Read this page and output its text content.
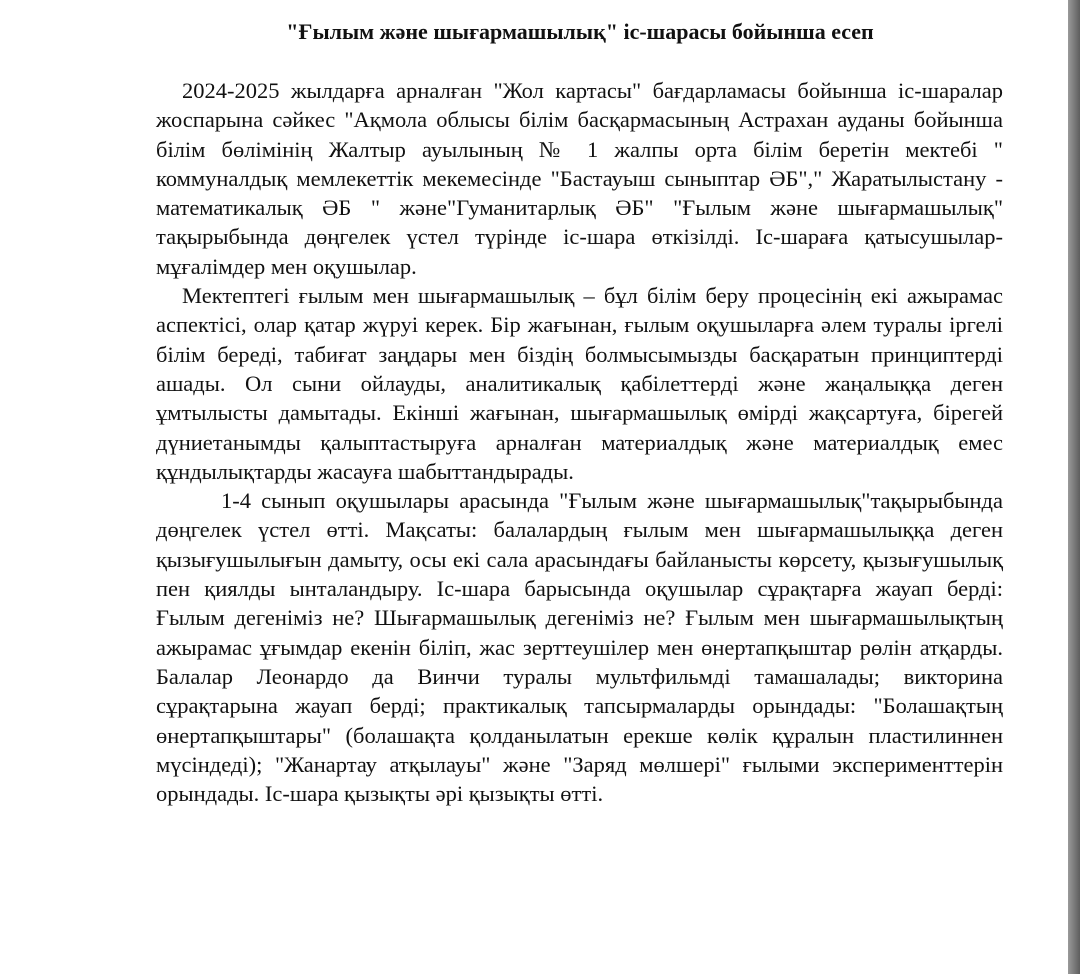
"Ғылым және шығармашылық" іс-шарасы бойынша есеп

2024-2025 жылдарға арналған "Жол картасы" бағдарламасы бойынша іс-шаралар жоспарына сәйкес "Ақмола облысы білім басқармасының Астрахан ауданы бойынша білім бөлімінің Жалтыр ауылының № 1 жалпы орта білім беретін мектебі " коммуналдық мемлекеттік мекемесінде "Бастауыш сыныптар ӘБ"," Жаратылыстану - математикалық ӘБ " және"Гуманитарлық ӘБ" "Ғылым және шығармашылық" тақырыбында дөңгелек үстел түрінде іс-шара өткізілді. Іс-шараға қатысушылар-мұғалімдер мен оқушылар.

Мектептегі ғылым мен шығармашылық – бұл білім беру процесінің екі ажырамас аспектісі, олар қатар жүруі керек. Бір жағынан, ғылым оқушыларға әлем туралы іргелі білім береді, табиғат заңдары мен біздің болмысымызды басқаратын принциптерді ашады. Ол сыни ойлауды, аналитикалық қабілеттерді және жаңалыққа деген ұмтылысты дамытады. Екінші жағынан, шығармашылық өмірді жақсартуға, бірегей дүниетанымды қалыптастыруға арналған материалдық және материалдық емес құндылықтарды жасауға шабыттандырады.

1-4 сынып оқушылары арасында "Ғылым және шығармашылық"тақырыбында дөңгелек үстел өтті. Мақсаты: балалардың ғылым мен шығармашылыққа деген қызығушылығын дамыту, осы екі сала арасындағы байланысты көрсету, қызығушылық пен қиялды ынталандыру. Іс-шара барысында оқушылар сұрақтарға жауап берді: Ғылым дегеніміз не? Шығармашылық дегеніміз не? Ғылым мен шығармашылықтың ажырамас ұғымдар екенін біліп, жас зерттеушілер мен өнертапқыштар рөлін атқарды. Балалар Леонардо да Винчи туралы мультфильмді тамашалады; викторина сұрақтарына жауап берді; практикалық тапсырмаларды орындады: "Болашақтың өнертапқыштары" (болашақта қолданылатын ерекше көлік құралын пластилиннен мүсіндеді); "Жанартау атқылауы" және "Заряд мөлшері" ғылыми эксперименттерін орындады. Іс-шара қызықты әрі қызықты өтті.
